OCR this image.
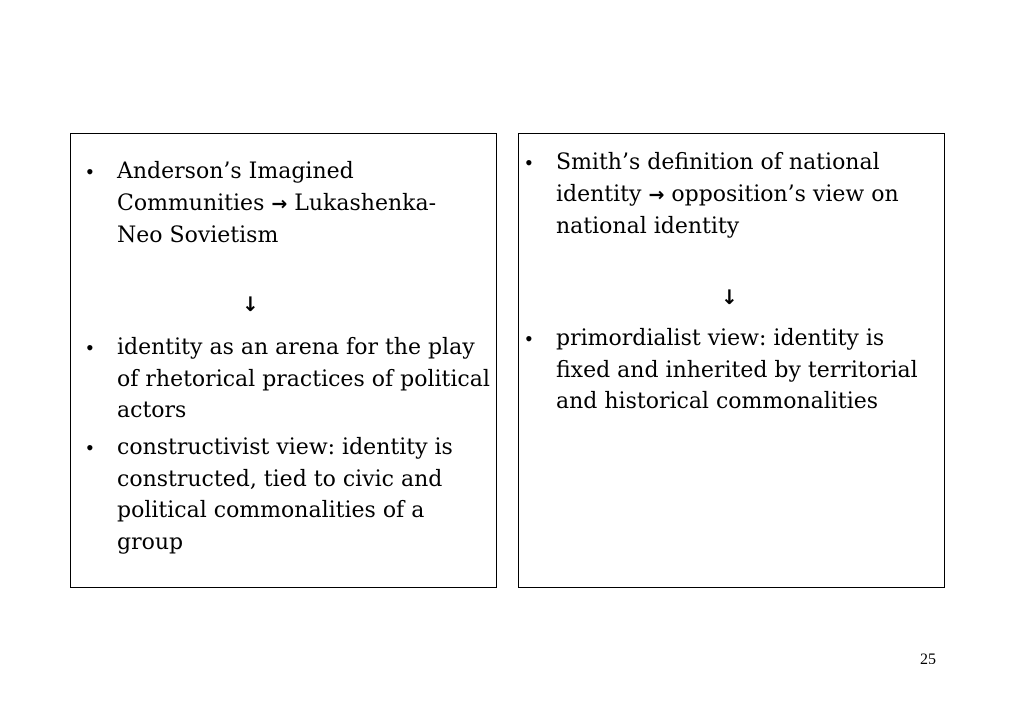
•	Anderson’s Imagined Communities → Lukashenka- Neo Sovietism
↓
•	identity as an arena for the play of rhetorical practices of political actors
•	constructivist view: identity is constructed, tied to civic and political commonalities of a group
•	Smith’s definition of national identity → opposition’s view on national identity
↓
•	primordialist view: identity is fixed and inherited by territorial and historical commonalities
25
